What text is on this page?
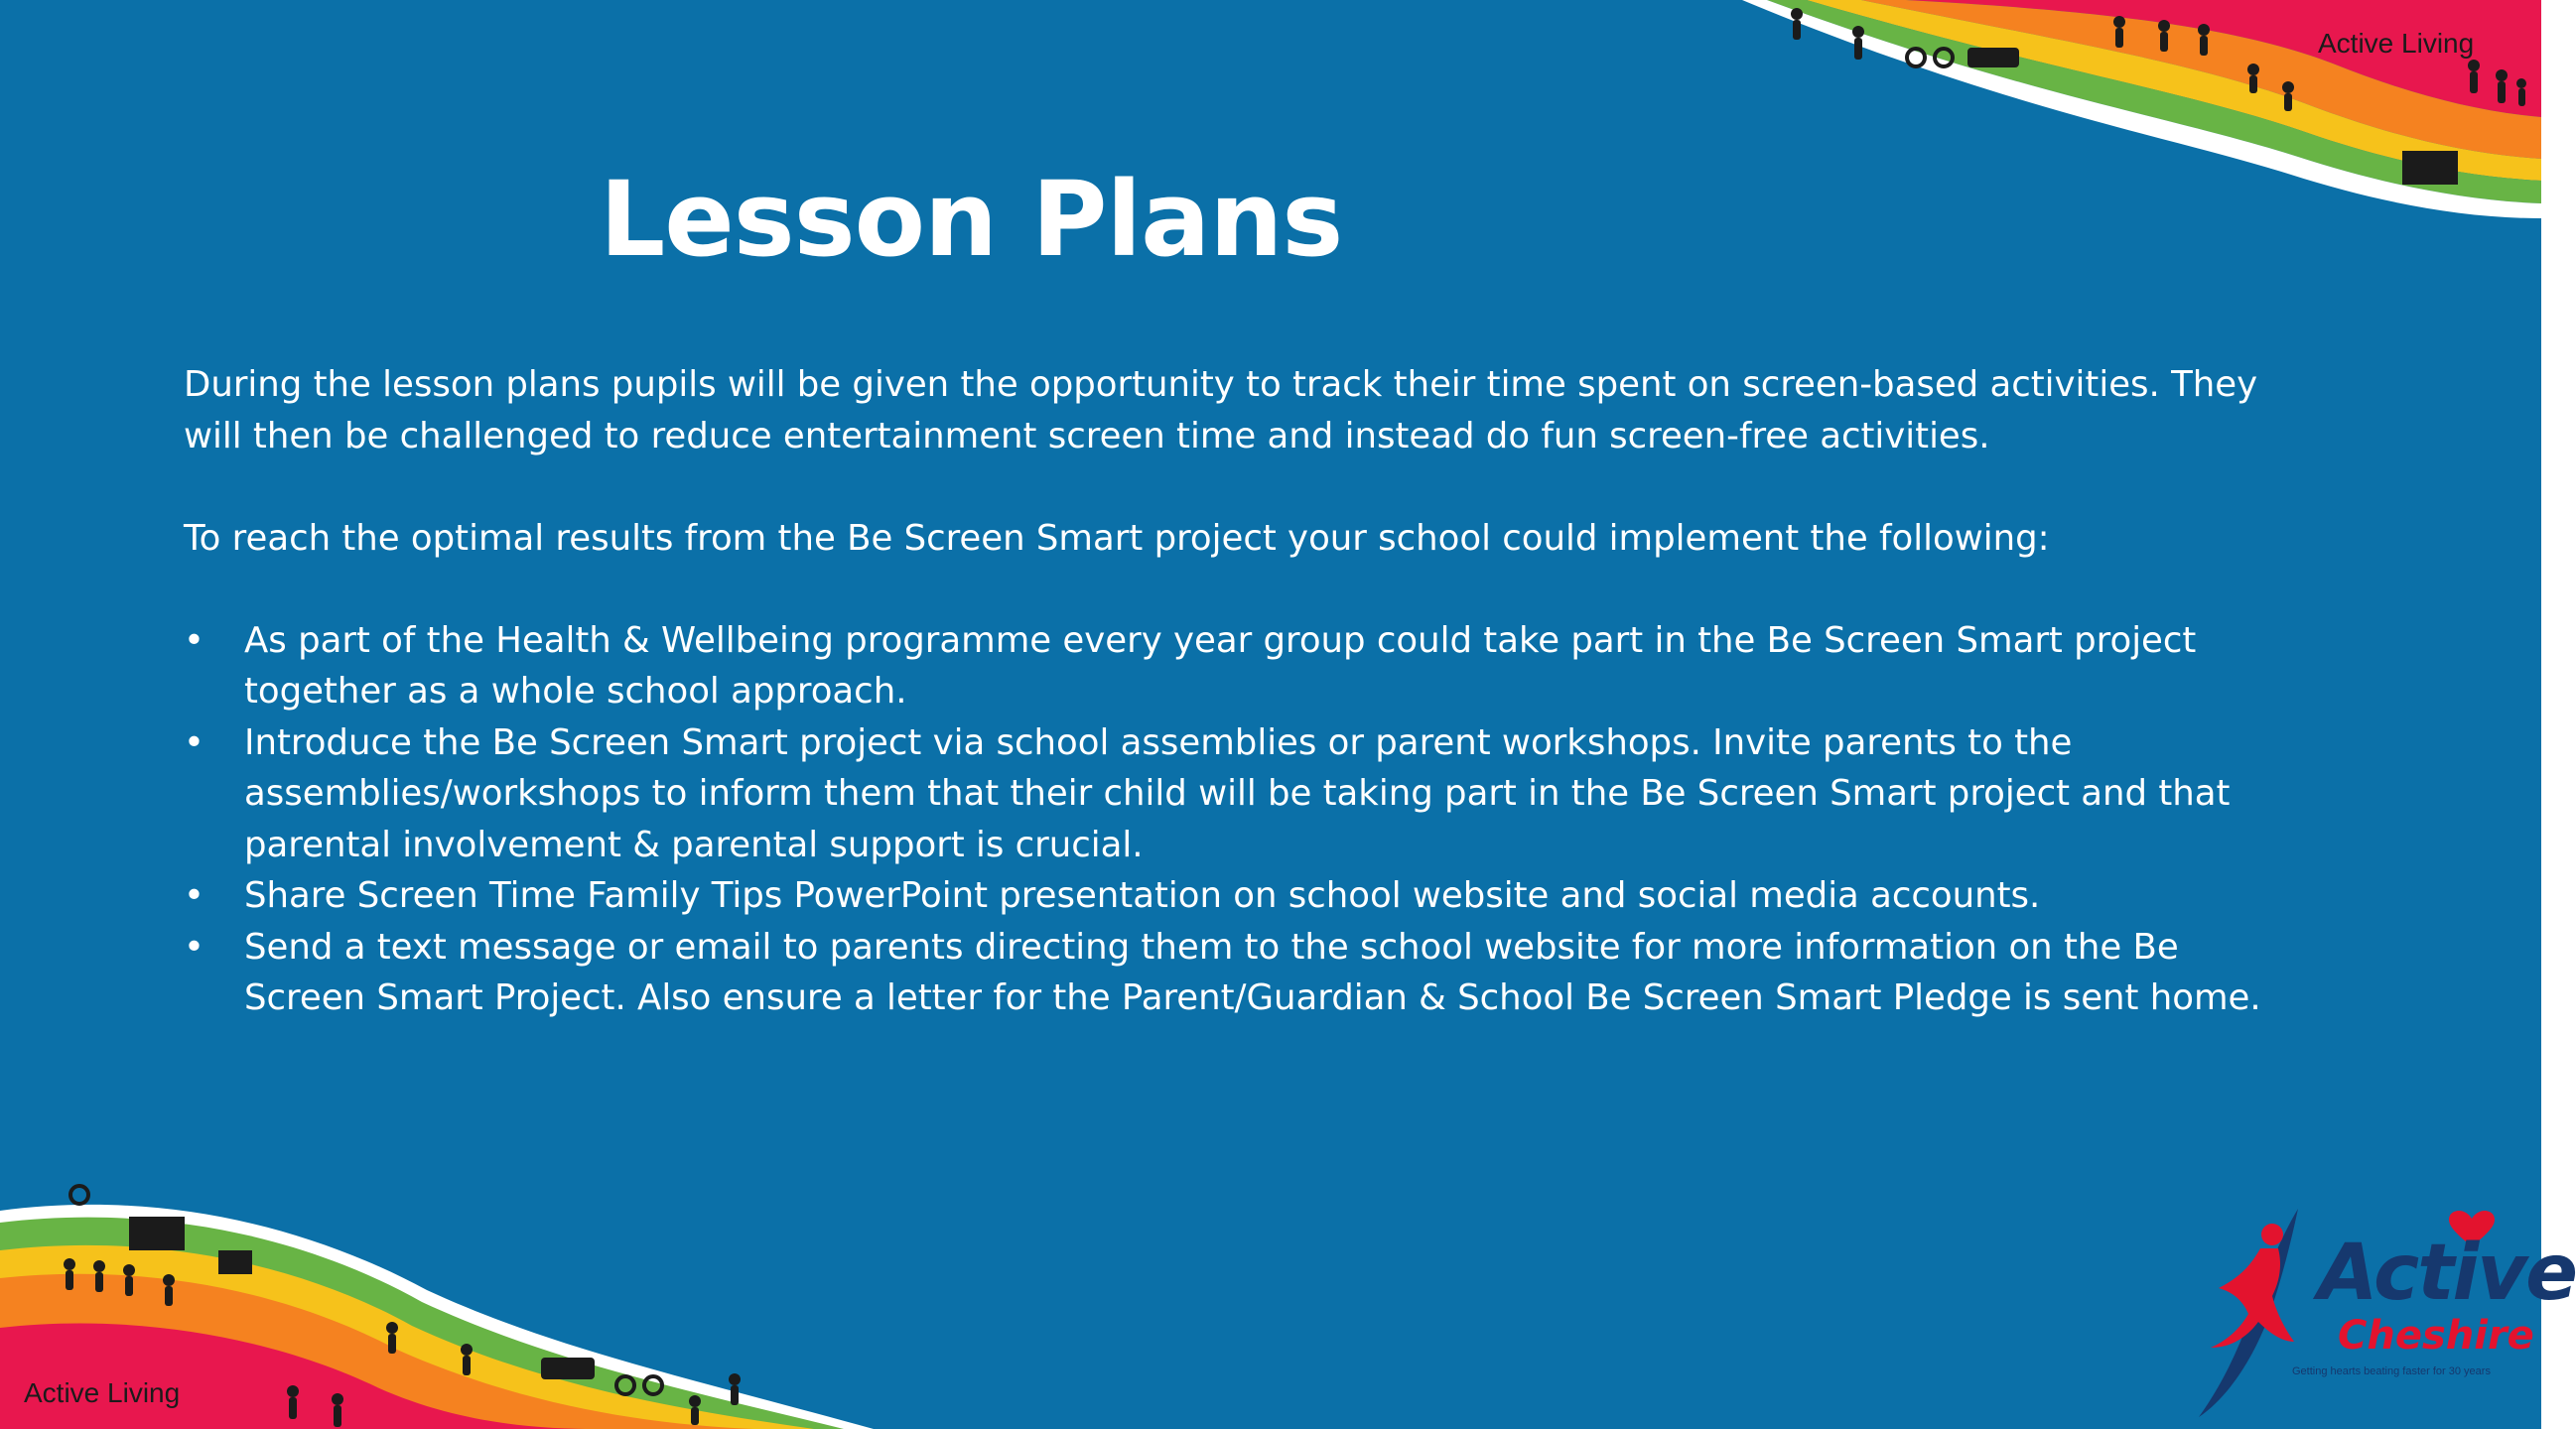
Active Living
Active Living
Lesson Plans

During the lesson plans pupils will be given the opportunity to track their time spent on screen-based activities. They will then be challenged to reduce entertainment screen time and instead do fun screen-free activities.

To reach the optimal results from the Be Screen Smart project your school could implement the following:

• As part of the Health & Wellbeing programme every year group could take part in the Be Screen Smart project together as a whole school approach.
• Introduce the Be Screen Smart project via school assemblies or parent workshops. Invite parents to the assemblies/workshops to inform them that their child will be taking part in the Be Screen Smart project and that parental involvement & parental support is crucial.
• Share Screen Time Family Tips PowerPoint presentation on school website and social media accounts.
• Send a text message or email to parents directing them to the school website for more information on the Be Screen Smart Project. Also ensure a letter for the Parent/Guardian & School Be Screen Smart Pledge is sent home.
Active
Cheshire
Getting hearts beating faster for 30 years
